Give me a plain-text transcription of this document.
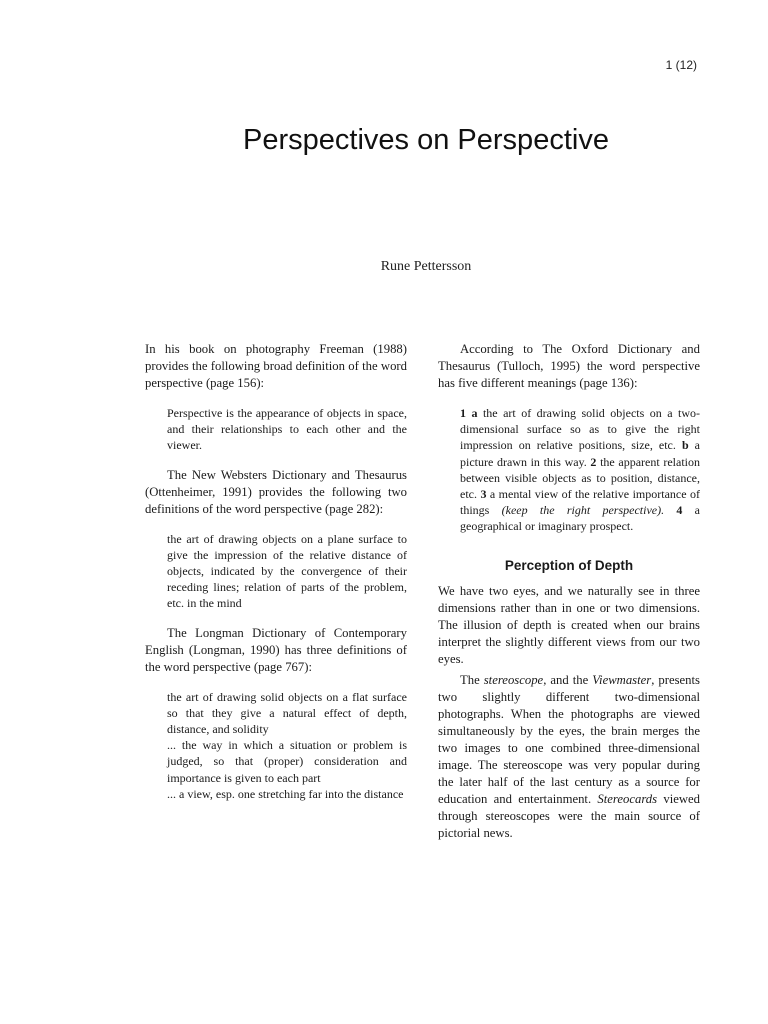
1 (12)
Perspectives on Perspective
Rune Pettersson

In his book on photography Freeman (1988) provides the following broad definition of the word perspective (page 156):

Perspective is the appearance of objects in space, and their relationships to each other and the viewer.

The New Websters Dictionary and Thesaurus (Ottenheimer, 1991) provides the following two definitions of the word perspective (page 282):

the art of drawing objects on a plane surface to give the impression of the relative distance of objects, indicated by the convergence of their receding lines; relation of parts of the problem, etc. in the mind

The Longman Dictionary of Contemporary English (Longman, 1990) has three definitions of the word perspective (page 767):

the art of drawing solid objects on a flat surface so that they give a natural effect of depth, distance, and solidity
... the way in which a situation or problem is judged, so that (proper) consideration and importance is given to each part
... a view, esp. one stretching far into the distance

According to The Oxford Dictionary and Thesaurus (Tulloch, 1995) the word perspective has five different meanings (page 136):

1 a the art of drawing solid objects on a two-dimensional surface so as to give the right impression on relative positions, size, etc. b a picture drawn in this way. 2 the apparent relation between visible objects as to position, distance, etc. 3 a mental view of the relative importance of things (keep the right perspective). 4 a geographical or imaginary prospect.
Perception of Depth

We have two eyes, and we naturally see in three dimensions rather than in one or two dimensions. The illusion of depth is created when our brains interpret the slightly different views from our two eyes.

The stereoscope, and the Viewmaster, presents two slightly different two-dimensional photographs. When the photographs are viewed simultaneously by the eyes, the brain merges the two images to one combined three-dimensional image. The stereoscope was very popular during the later half of the last century as a source for education and entertainment. Stereocards viewed through stereoscopes were the main source of pictorial news.
